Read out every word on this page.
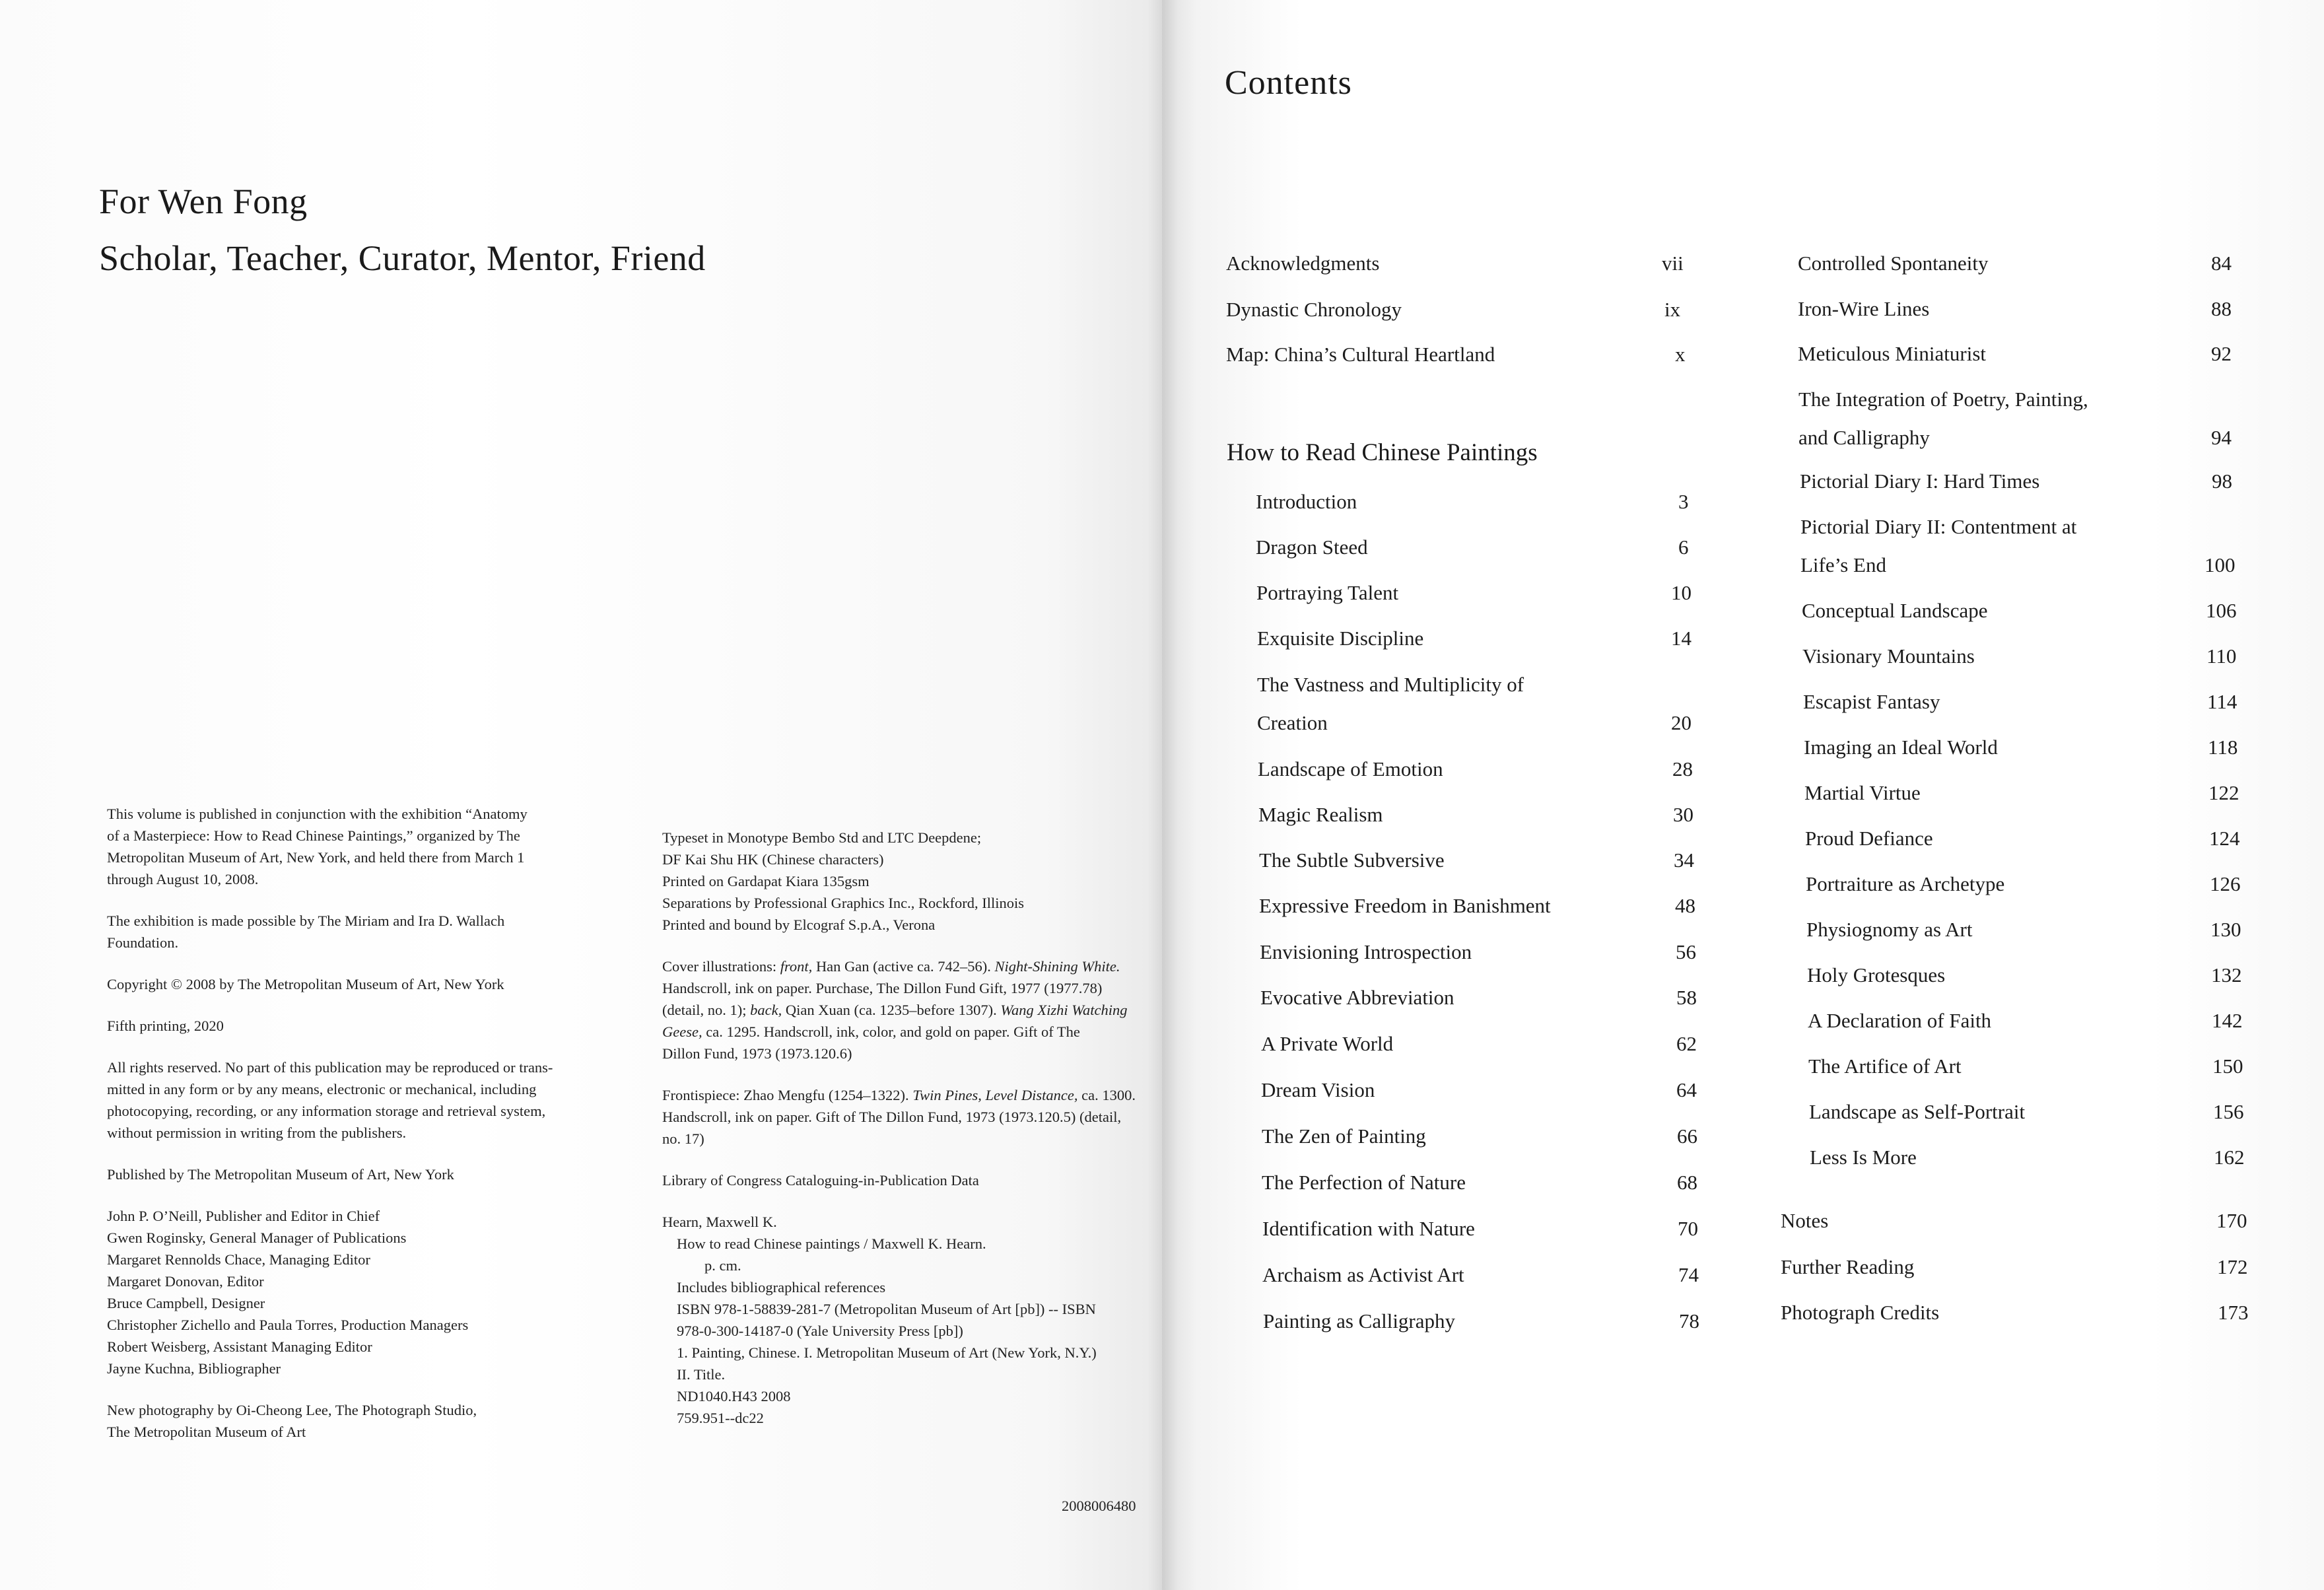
For Wen Fong
Scholar, Teacher, Curator, Mentor, Friend

This volume is published in conjunction with the exhibition “Anatomy
of a Masterpiece: How to Read Chinese Paintings,” organized by The
Metropolitan Museum of Art, New York, and held there from March 1
through August 10, 2008.

The exhibition is made possible by The Miriam and Ira D. Wallach
Foundation.

Copyright © 2008 by The Metropolitan Museum of Art, New York

Fifth printing, 2020

All rights reserved. No part of this publication may be reproduced or trans-
mitted in any form or by any means, electronic or mechanical, including
photocopying, recording, or any information storage and retrieval system,
without permission in writing from the publishers.

Published by The Metropolitan Museum of Art, New York

John P. O’Neill, Publisher and Editor in Chief
Gwen Roginsky, General Manager of Publications
Margaret Rennolds Chace, Managing Editor
Margaret Donovan, Editor
Bruce Campbell, Designer
Christopher Zichello and Paula Torres, Production Managers
Robert Weisberg, Assistant Managing Editor
Jayne Kuchna, Bibliographer

New photography by Oi-Cheong Lee, The Photograph Studio,
The Metropolitan Museum of Art

Typeset in Monotype Bembo Std and LTC Deepdene;
DF Kai Shu HK (Chinese characters)
Printed on Gardapat Kiara 135gsm
Separations by Professional Graphics Inc., Rockford, Illinois
Printed and bound by Elcograf S.p.A., Verona

Cover illustrations: front, Han Gan (active ca. 742–56). Night-Shining White.
Handscroll, ink on paper. Purchase, The Dillon Fund Gift, 1977 (1977.78)
(detail, no. 1); back, Qian Xuan (ca. 1235–before 1307). Wang Xizhi Watching
Geese, ca. 1295. Handscroll, ink, color, and gold on paper. Gift of The
Dillon Fund, 1973 (1973.120.6)

Frontispiece: Zhao Mengfu (1254–1322). Twin Pines, Level Distance, ca. 1300.
Handscroll, ink on paper. Gift of The Dillon Fund, 1973 (1973.120.5) (detail,
no. 17)

Library of Congress Cataloguing-in-Publication Data

Hearn, Maxwell K.
How to read Chinese paintings / Maxwell K. Hearn.
p. cm.
Includes bibliographical references
ISBN 978-1-58839-281-7 (Metropolitan Museum of Art [pb]) -- ISBN
978-0-300-14187-0 (Yale University Press [pb])
1. Painting, Chinese. I. Metropolitan Museum of Art (New York, N.Y.)
II. Title.
ND1040.H43 2008
759.951--dc22

2008006480
Contents
Acknowledgments	vii
Dynastic Chronology	ix
Map: China’s Cultural Heartland	x
How to Read Chinese Paintings
Introduction	3
Dragon Steed	6
Portraying Talent	10
Exquisite Discipline	14
The Vastness and Multiplicity of
Creation	20
Landscape of Emotion	28
Magic Realism	30
The Subtle Subversive	34
Expressive Freedom in Banishment	48
Envisioning Introspection	56
Evocative Abbreviation	58
A Private World	62
Dream Vision	64
The Zen of Painting	66
The Perfection of Nature	68
Identification with Nature	70
Archaism as Activist Art	74
Painting as Calligraphy	78
Controlled Spontaneity	84
Iron-Wire Lines	88
Meticulous Miniaturist	92
The Integration of Poetry, Painting,
and Calligraphy	94
Pictorial Diary I: Hard Times	98
Pictorial Diary II: Contentment at
Life’s End	100
Conceptual Landscape	106
Visionary Mountains	110
Escapist Fantasy	114
Imaging an Ideal World	118
Martial Virtue	122
Proud Defiance	124
Portraiture as Archetype	126
Physiognomy as Art	130
Holy Grotesques	132
A Declaration of Faith	142
The Artifice of Art	150
Landscape as Self-Portrait	156
Less Is More	162
Notes	170
Further Reading	172
Photograph Credits	173
